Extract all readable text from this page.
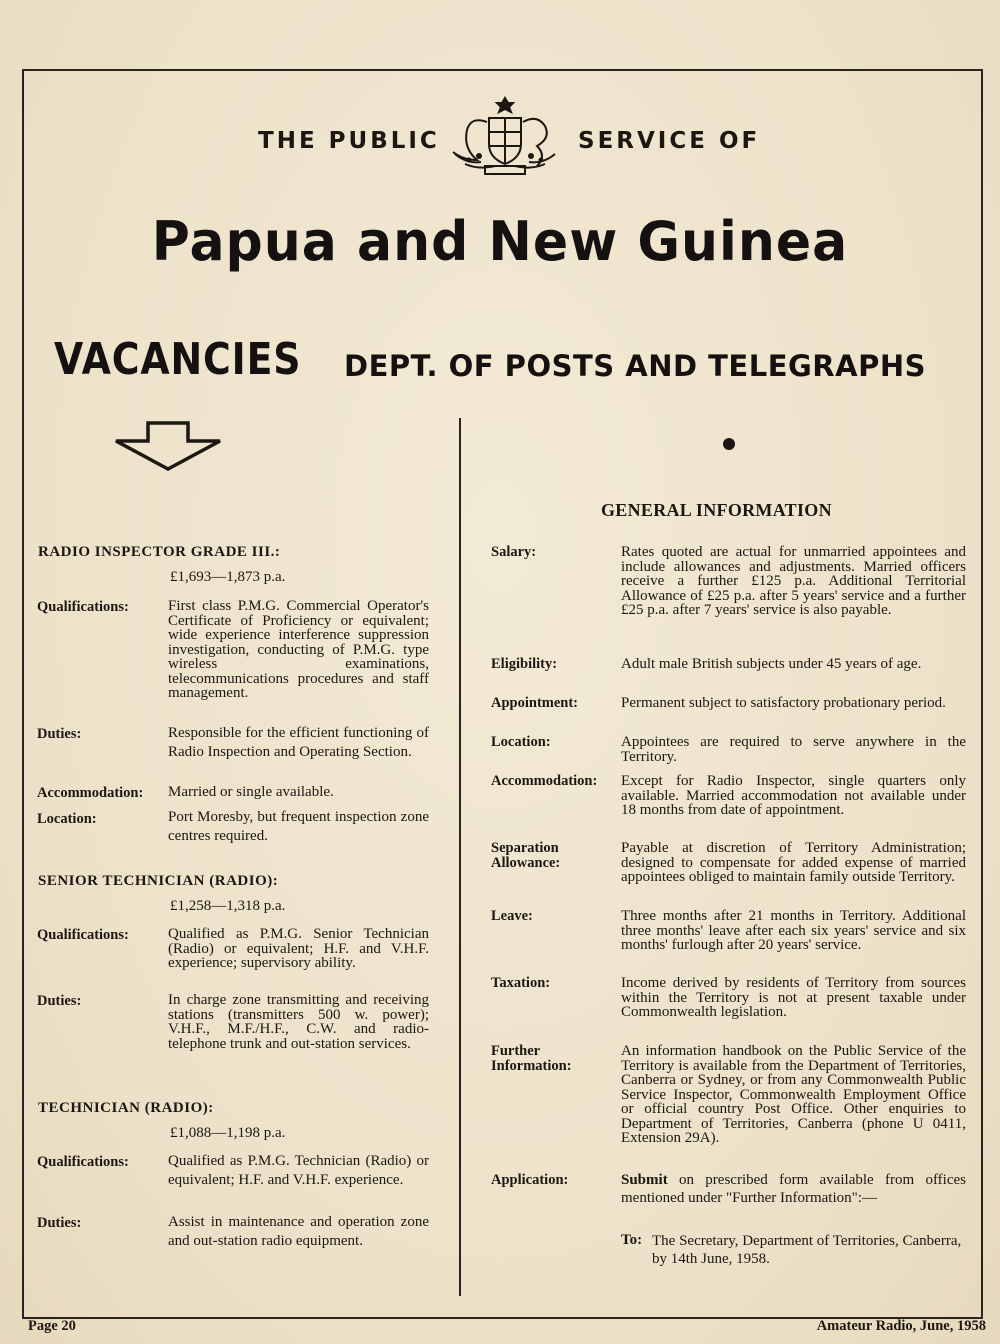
THE PUBLIC	SERVICE OF
Papua and New Guinea
VACANCIES DEPT. OF POSTS AND TELEGRAPHS
RADIO INSPECTOR GRADE III.:
£1,693—1,873 p.a.
Qualifications:	First class P.M.G. Commercial Operator's Certificate of Proficiency or equivalent; wide experience interference suppression investigation, conducting of P.M.G. type wireless examinations, telecommunications procedures and staff management.
Duties:	Responsible for the efficient functioning of Radio Inspection and Operating Section.
Accommodation: Married or single available.
Location:	Port Moresby, but frequent inspection zone centres required.
SENIOR TECHNICIAN (RADIO):
£1,258—1,318 p.a.
Qualifications:	Qualified as P.M.G. Senior Technician (Radio) or equivalent; H.F. and V.H.F. experience; supervisory ability.
Duties:	In charge zone transmitting and receiving stations (transmitters 500 w. power); V.H.F., M.F./H.F., C.W. and radio-telephone trunk and out-station services.
TECHNICIAN (RADIO):
£1,088—1,198 p.a.
Qualifications:	Qualified as P.M.G. Technician (Radio) or equivalent; H.F. and V.H.F. experience.
Duties:	Assist in maintenance and operation zone and out-station radio equipment.
GENERAL INFORMATION
Salary:	Rates quoted are actual for unmarried appointees and include allowances and adjustments. Married officers receive a further £125 p.a. Additional Territorial Allowance of £25 p.a. after 5 years' service and a further £25 p.a. after 7 years' service is also payable.
Eligibility:	Adult male British subjects under 45 years of age.
Appointment:	Permanent subject to satisfactory probationary period.
Location:	Appointees are required to serve anywhere in the Territory.
Accommodation:	Except for Radio Inspector, single quarters only available. Married accommodation not available under 18 months from date of appointment.
Separation Allowance:
Payable at discretion of Territory Administration; designed to compensate for added expense of married appointees obliged to maintain family outside Territory.
Leave:	Three months after 21 months in Territory. Additional three months' leave after each six years' service and six months' furlough after 20 years' service.
Taxation:	Income derived by residents of Territory from sources within the Territory is not at present taxable under Commonwealth legislation.
Further Information:
An information handbook on the Public Service of the Territory is available from the Department of Territories, Canberra or Sydney, or from any Commonwealth Public Service Inspector, Commonwealth Employment Office or official country Post Office. Other enquiries to Department of Territories, Canberra (phone U 0411, Extension 29A).
Application:	Submit on prescribed form available from offices mentioned under "Further Information":—
To: The Secretary, Department of Territories, Canberra, by 14th June, 1958.
Page 20	Amateur Radio, June, 1958
